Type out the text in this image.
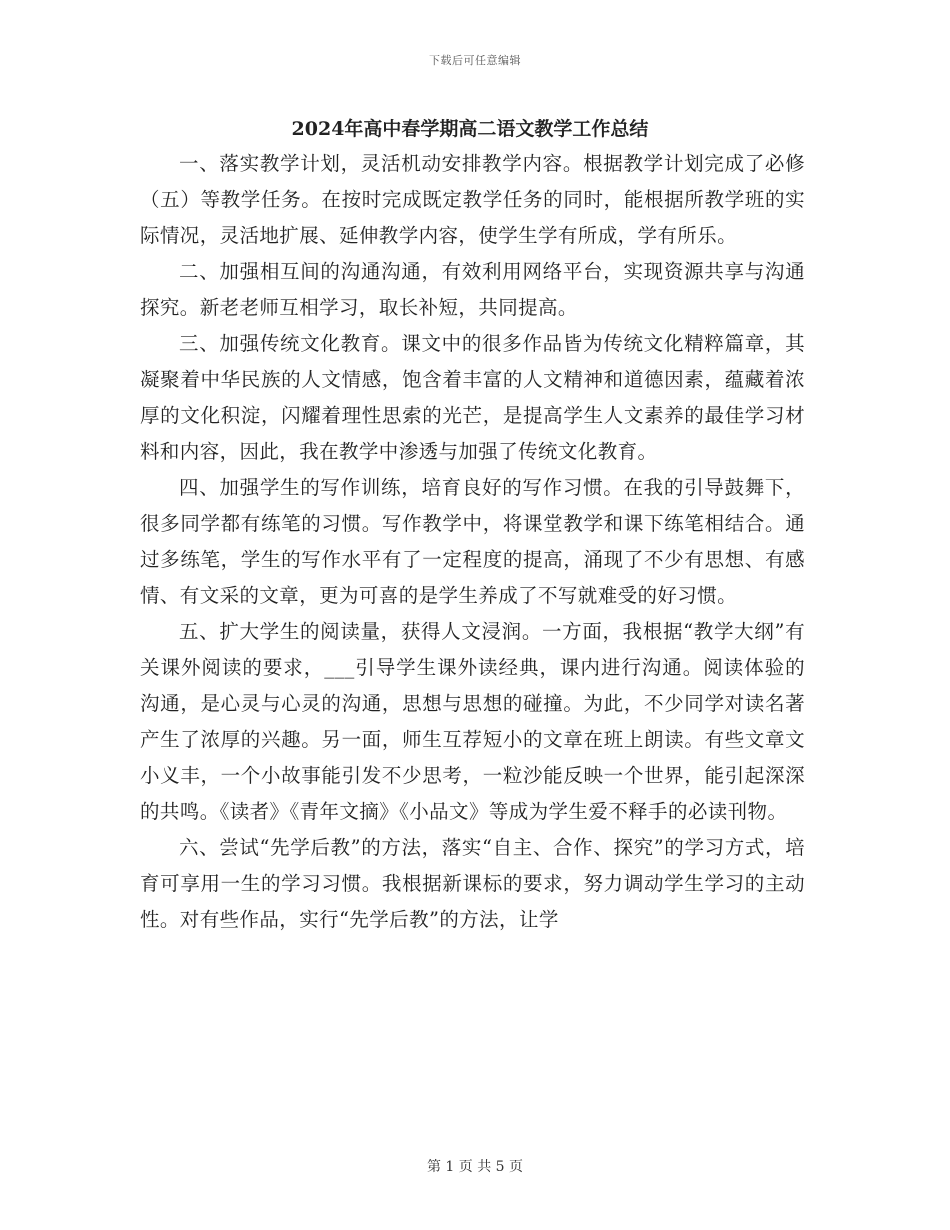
下载后可任意编辑
2024年高中春学期高二语文教学工作总结

一、落实教学计划，灵活机动安排教学内容。根据教学计划完成了必修（五）等教学任务。在按时完成既定教学任务的同时，能根据所教学班的实际情况，灵活地扩展、延伸教学内容，使学生学有所成，学有所乐。

二、加强相互间的沟通沟通，有效利用网络平台，实现资源共享与沟通探究。新老老师互相学习，取长补短，共同提高。

三、加强传统文化教育。课文中的很多作品皆为传统文化精粹篇章，其凝聚着中华民族的人文情感，饱含着丰富的人文精神和道德因素，蕴藏着浓厚的文化积淀，闪耀着理性思索的光芒，是提高学生人文素养的最佳学习材料和内容，因此，我在教学中渗透与加强了传统文化教育。

四、加强学生的写作训练，培育良好的写作习惯。在我的引导鼓舞下，很多同学都有练笔的习惯。写作教学中，将课堂教学和课下练笔相结合。通过多练笔，学生的写作水平有了一定程度的提高，涌现了不少有思想、有感情、有文采的文章，更为可喜的是学生养成了不写就难受的好习惯。

五、扩大学生的阅读量，获得人文浸润。一方面，我根据“教学大纲”有关课外阅读的要求，___引导学生课外读经典，课内进行沟通。阅读体验的沟通，是心灵与心灵的沟通，思想与思想的碰撞。为此，不少同学对读名著产生了浓厚的兴趣。另一面，师生互荐短小的文章在班上朗读。有些文章文小义丰，一个小故事能引发不少思考，一粒沙能反映一个世界，能引起深深的共鸣。《读者》《青年文摘》《小品文》等成为学生爱不释手的必读刊物。

六、尝试“先学后教”的方法，落实“自主、合作、探究”的学习方式，培育可享用一生的学习习惯。我根据新课标的要求，努力调动学生学习的主动性。对有些作品，实行“先学后教”的方法，让学

第 1 页 共 5 页
